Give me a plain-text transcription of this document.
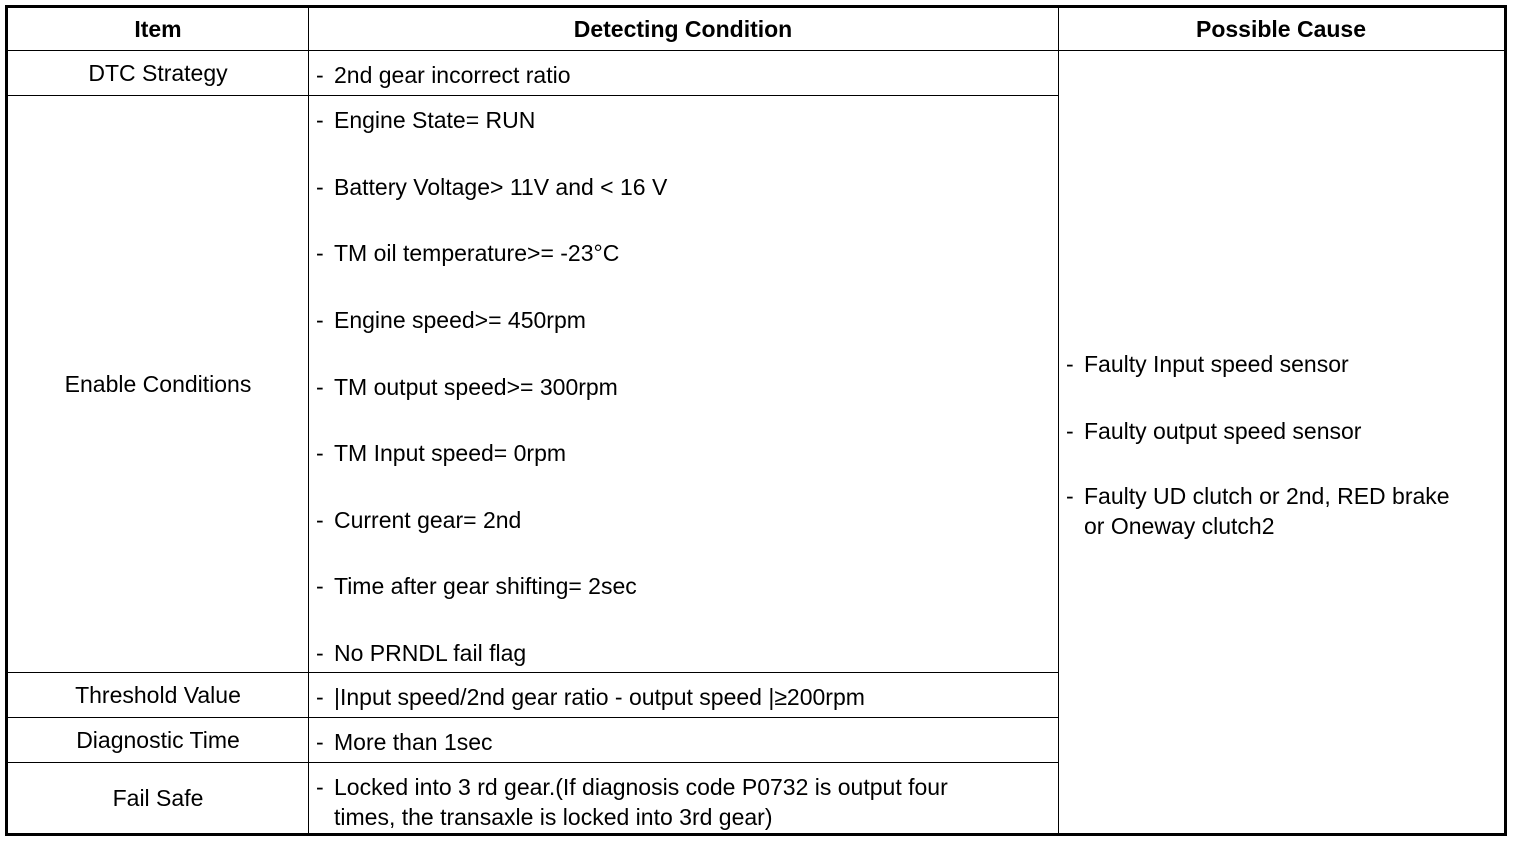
Item	Detecting Condition	Possible Cause
DTC Strategy
Enable Conditions
Threshold Value
Diagnostic Time
Fail Safe
- 2nd gear incorrect ratio
- Engine State= RUN
- Battery Voltage> 11V and < 16 V
- TM oil temperature>= -23°C
- Engine speed>= 450rpm
- TM output speed>= 300rpm
- TM Input speed= 0rpm
- Current gear= 2nd
- Time after gear shifting= 2sec
- No PRNDL fail flag
- |Input speed/2nd gear ratio - output speed |≥200rpm
- More than 1sec
- Locked into 3 rd gear.(If diagnosis code P0732 is output four
times, the transaxle is locked into 3rd gear)
- Faulty Input speed sensor
- Faulty output speed sensor
- Faulty UD clutch or 2nd, RED brake
or Oneway clutch2
